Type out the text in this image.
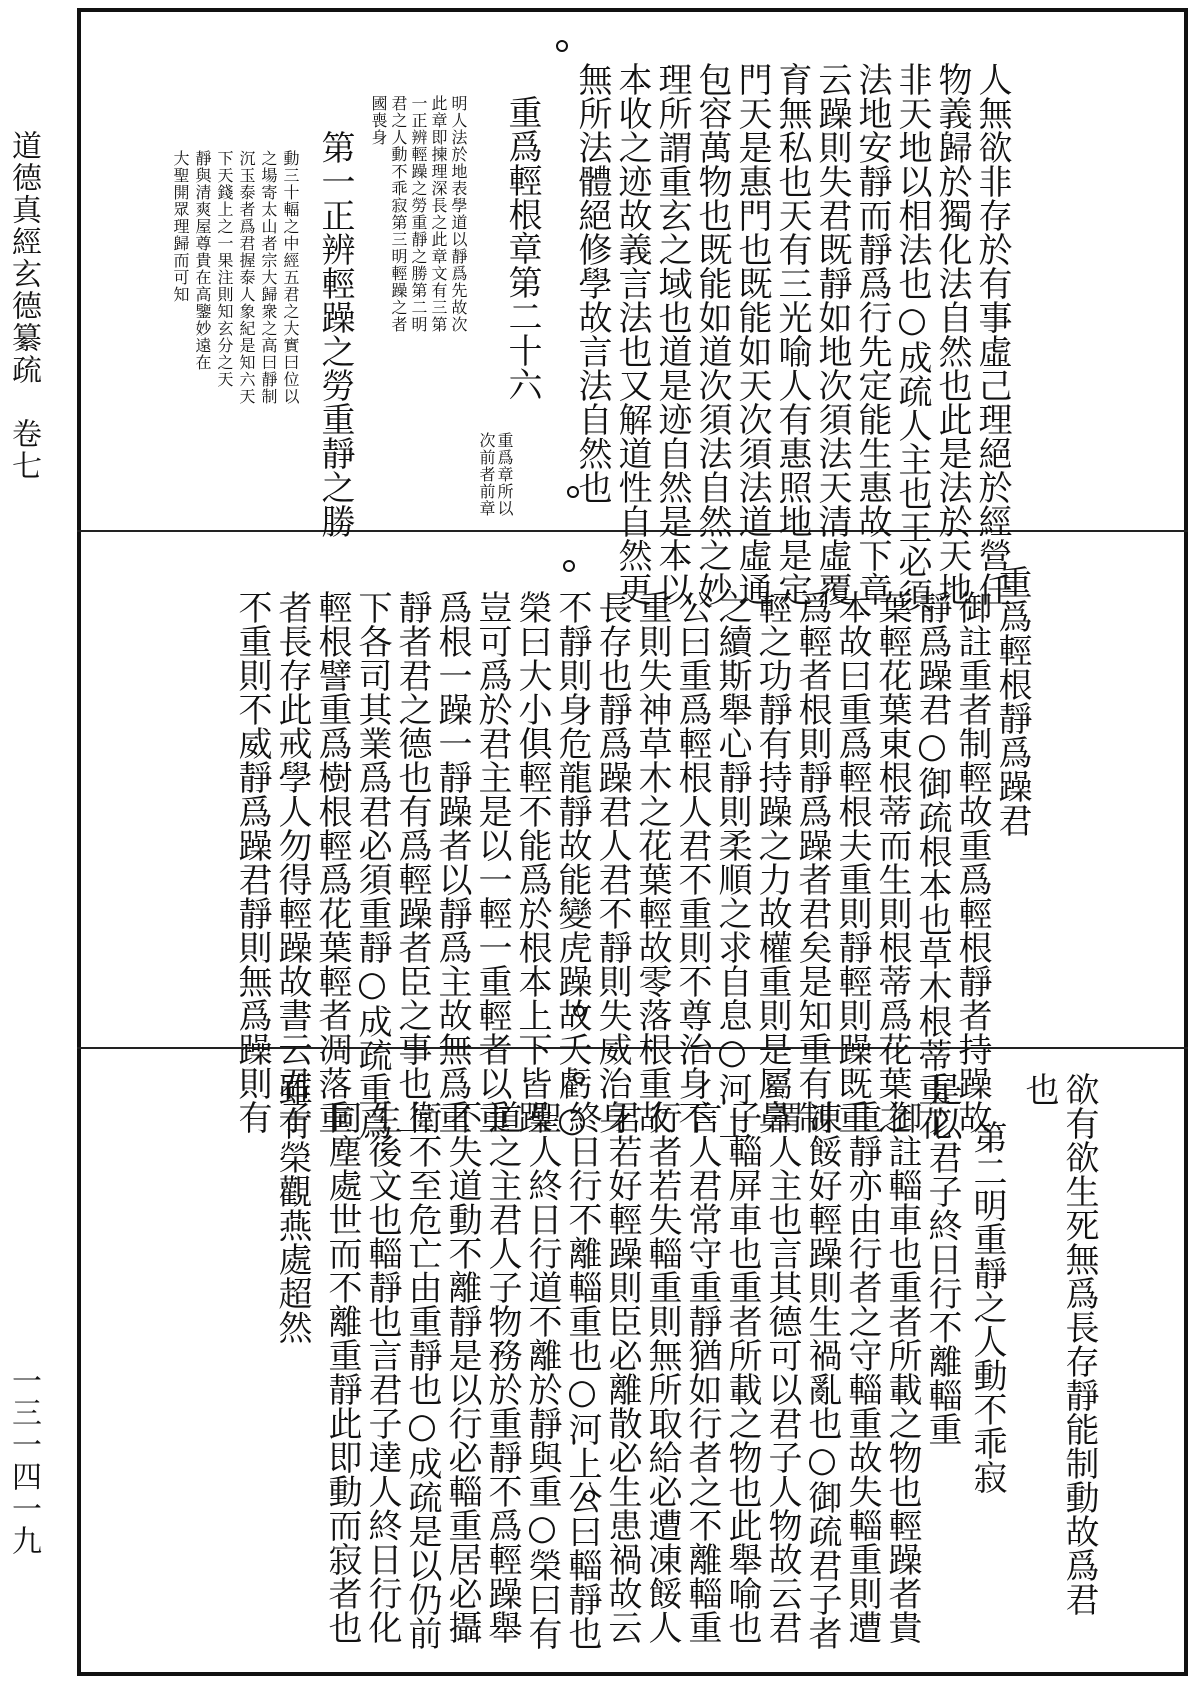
道德真經玄德纂疏　卷七
一三一四一九
人無欲非存於有事虛己理絕於經營任
物義歸於獨化法自然也此是法於天地
非天地以相法也○成疏人主也王必須
法地安靜而靜爲行先定能生惠故下章
云躁則失君既靜如地次須法天清虛覆
育無私也天有三光喻人有惠照地是定
門天是惠門也既能如天次須法道虛通
包容萬物也既能如道次須法自然之妙
理所謂重玄之域也道是迹自然是本以
本收之迹故義言法也又解道性自然更
無所法體絕修學故言法自然也
重爲輕根章第二十六
重爲章所以
次前者前章
明人法於地表學道以靜爲先故次
此章即揀理深長之此章文有三第
一正辨輕躁之勞重靜之勝第二明
君之人動不乖寂第三明輕躁之者
國喪身
第一正辨輕躁之勞重靜之勝
動三十輻之中經五君之大實曰位以
之場寄太山者宗大歸衆之高曰靜制
沉玉泰者爲君握泰人象紀是知六天
下天錢上之一果注則知玄分之天
靜與清爽屋尊貴在高鑒妙遠在
大聖開眾理歸而可知
重爲輕根靜爲躁君
御註重者制輕故重爲輕根靜者持躁故
靜爲躁君○御疏根本也草木根蒂重花
葉輕花葉東根蒂而生則根蒂爲花葉之
本故曰重爲輕根夫重則靜輕則躁既重
爲輕者根則靜爲躁者君矣是知重有制
輕之功靜有持躁之力故權重則是屬鼻
之續斯舉心靜則柔順之求自息○河上
公曰重爲輕根人君不重則不尊治身不
重則失神草木之花葉輕故零落根重故
長存也靜爲躁君人君不靜則失威治身
不靜則身危龍靜故能變虎躁故夭虧○
榮曰大小俱輕不能爲於根本上下皆躁
豈可爲於君主是以一輕一重輕者以重
爲根一躁一靜躁者以靜爲主故無爲重
靜者君之德也有爲輕躁者臣之事也上
下各司其業爲君必須重靜○成疏重爲
輕根譬重爲樹根輕爲花葉輕者凋落重
者長存此戒學人勿得輕躁故書云君子
不重則不威靜爲躁君靜則無爲躁則有
欲有欲生死無爲長存靜能制動故爲君
也
第二明重靜之人動不乖寂
是以君子終日行不離輜重
御註輜車也重者所載之物也輕躁者貴
重靜亦由行者之守輜重故失輜重則遭
凍餒好輕躁則生禍亂也○御疏君子者
謂人主也言其德可以君子人物故云君
子輜屏車也重者所載之物也此舉喻也
言人君常守重靜猶如行者之不離輜重
行者若失輜重則無所取給必遭凍餒人
君若好輕躁則臣必離散必生患禍故云
終日行不離輜重也○河上公曰輜靜也
聖人終日行道不離於靜與重○榮曰有
道之主君人子物務於重靜不爲輕躁舉
不失道動不離靜是以行必輜重居必攝
衛不至危亡由重靜也○成疏是以仍前
生後文也輜靜也言君子達人終日行化
同塵處世而不離重靜此即動而寂者也
雖有榮觀燕處超然
